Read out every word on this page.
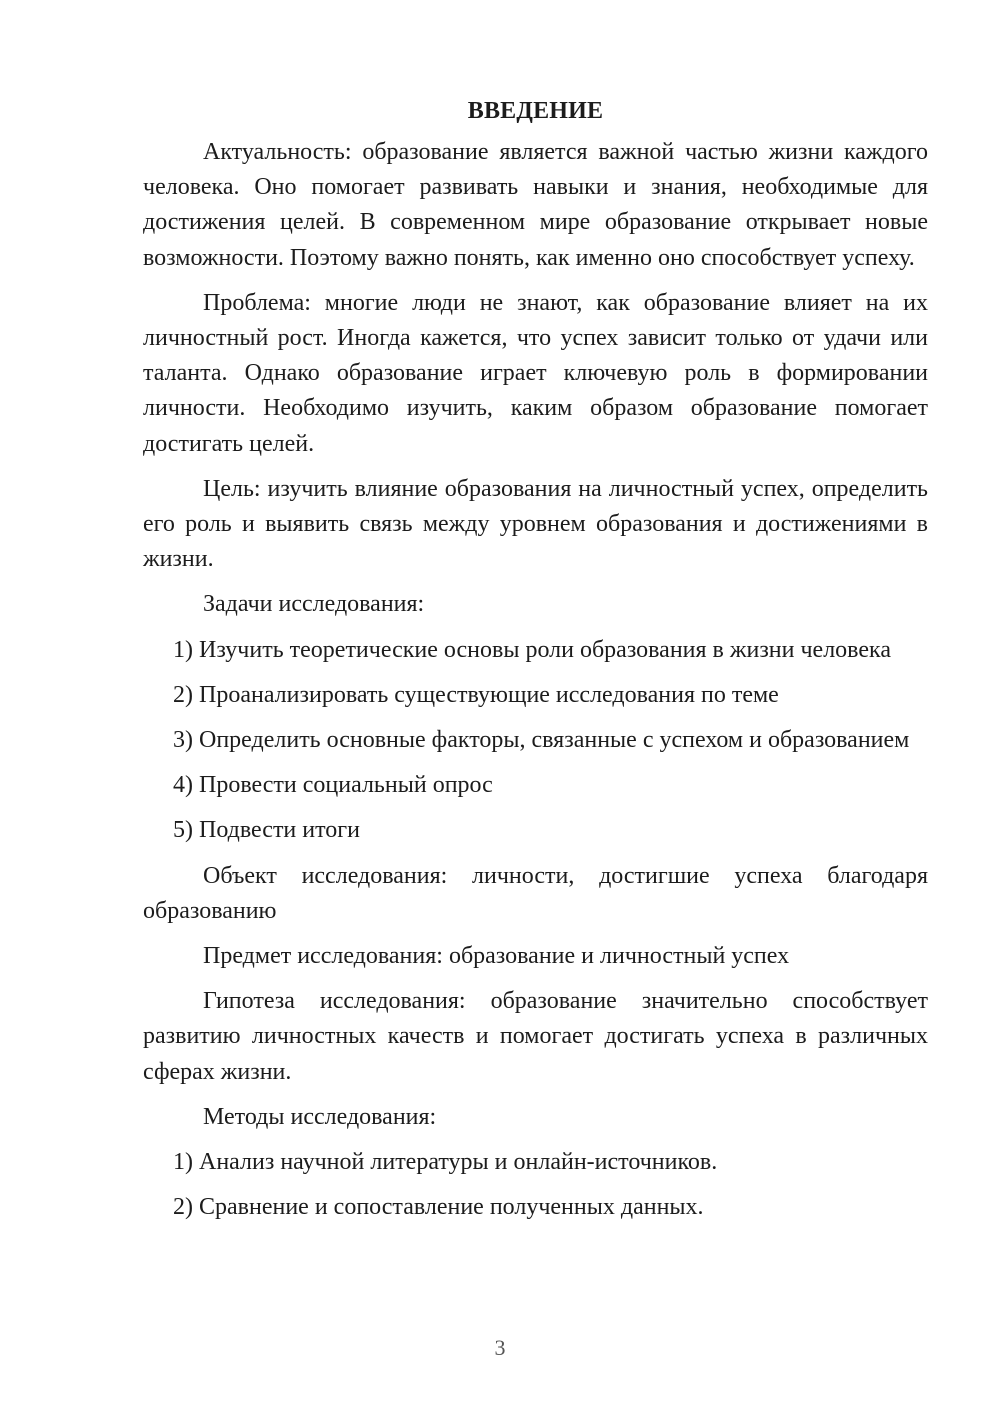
ВВЕДЕНИЕ

Актуальность: образование является важной частью жизни каждого человека. Оно помогает развивать навыки и знания, необходимые для достижения целей. В современном мире образование открывает новые возможности. Поэтому важно понять, как именно оно способствует успеху.

Проблема: многие люди не знают, как образование влияет на их личностный рост. Иногда кажется, что успех зависит только от удачи или таланта. Однако образование играет ключевую роль в формировании личности. Необходимо изучить, каким образом образование помогает достигать целей.

Цель: изучить влияние образования на личностный успех, определить его роль и выявить связь между уровнем образования и достижениями в жизни.

Задачи исследования:

1) Изучить теоретические основы роли образования в жизни человека

2) Проанализировать существующие исследования по теме

3) Определить основные факторы, связанные с успехом и образованием

4) Провести социальный опрос

5) Подвести итоги

Объект исследования: личности, достигшие успеха благодаря образованию

Предмет исследования: образование и личностный успех

Гипотеза исследования: образование значительно способствует развитию личностных качеств и помогает достигать успеха в различных сферах жизни.

Методы исследования:

1) Анализ научной литературы и онлайн-источников.

2) Сравнение и сопоставление полученных данных.

3
